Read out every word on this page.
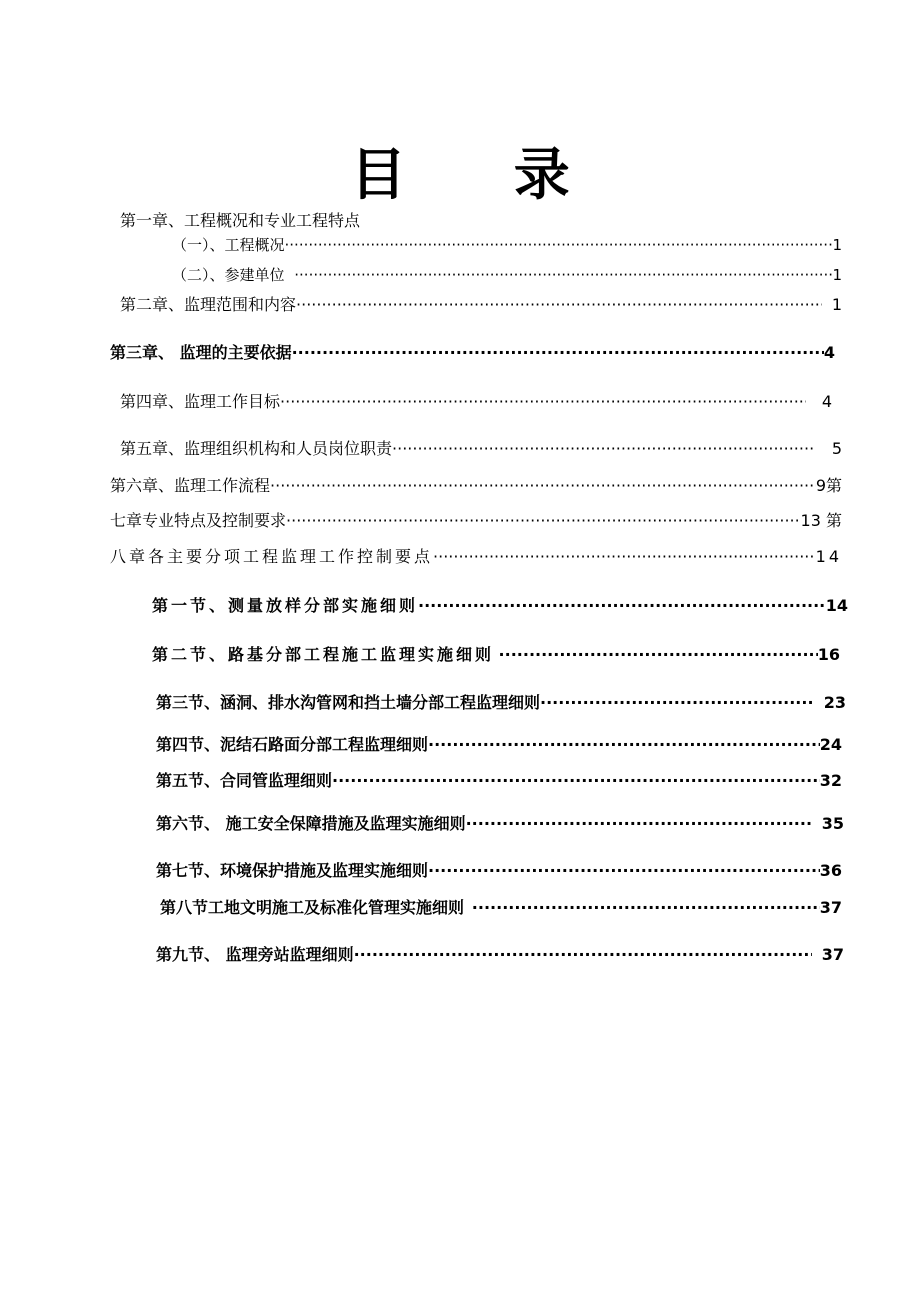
目 录
第一章、工程概况和专业工程特点
（一）、工程概况 ·····	1
（二）、参建单位 ·····	1
第二章、监理范围和内容 ·····	1
第三章、 监理的主要依据 ·····	4
第四章、监理工作目标 ·····	4
第五章、监理组织机构和人员岗位职责 ·····	5
第六章、监理工作流程 ·····	9第
七章专业特点及控制要求 ·····	13 第
八章各主要分项工程监理工作控制要点 ·····	14
第一节、测量放样分部实施细则 ·····	14
第二节、路基分部工程施工监理实施细则 ·····	16
第三节、涵洞、排水沟管网和挡土墙分部工程监理细则 ·····	23
第四节、泥结石路面分部工程监理细则 ·····	24
第五节、合同管监理细则 ·····	32
第六节、 施工安全保障措施及监理实施细则 ·····	35
第七节、环境保护措施及监理实施细则 ·····	36
第八节工地文明施工及标准化管理实施细则 ·····	37
第九节、 监理旁站监理细则 ·····	37
